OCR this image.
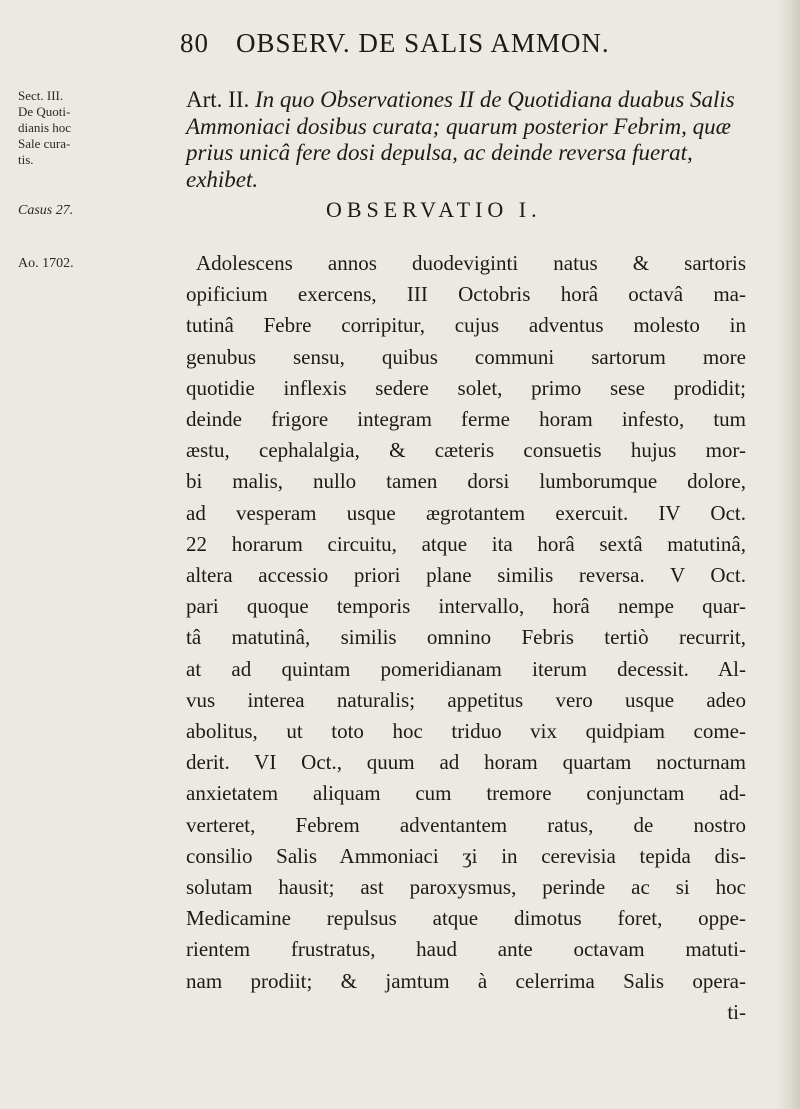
80 OBSERV. DE SALIS AMMON.
Sect. III.
De Quoti-
dianis hoc
Sale cura-
tis.
Casus 27.
Ao. 1702.
Art. II. In quo Observationes II de Quotidiana duabus Salis Ammoniaci dosibus curata; quarum posterior Febrim, quæ prius unicâ fere dosi depulsa, ac deinde reversa fuerat, exhibet.
OBSERVATIO I.
Adolescens annos duodeviginti natus & sartoris
opificium exercens, III Octobris horâ octavâ ma-
tutinâ Febre corripitur, cujus adventus molesto in
genubus sensu, quibus communi sartorum more
quotidie inflexis sedere solet, primo sese prodidit;
deinde frigore integram ferme horam infesto, tum
æstu, cephalalgia, & cæteris consuetis hujus mor-
bi malis, nullo tamen dorsi lumborumque dolore,
ad vesperam usque ægrotantem exercuit. IV Oct.
22 horarum circuitu, atque ita horâ sextâ matutinâ,
altera accessio priori plane similis reversa. V Oct.
pari quoque temporis intervallo, horâ nempe quar-
tâ matutinâ, similis omnino Febris tertiò recurrit,
at ad quintam pomeridianam iterum decessit. Al-
vus interea naturalis; appetitus vero usque adeo
abolitus, ut toto hoc triduo vix quidpiam come-
derit. VI Oct., quum ad horam quartam nocturnam
anxietatem aliquam cum tremore conjunctam ad-
verteret, Febrem adventantem ratus, de nostro
consilio Salis Ammoniaci ʒi in cerevisia tepida dis-
solutam hausit; ast paroxysmus, perinde ac si hoc
Medicamine repulsus atque dimotus foret, oppe-
rientem frustratus, haud ante octavam matuti-
nam prodiit; & jamtum à celerrima Salis opera-
ti-
